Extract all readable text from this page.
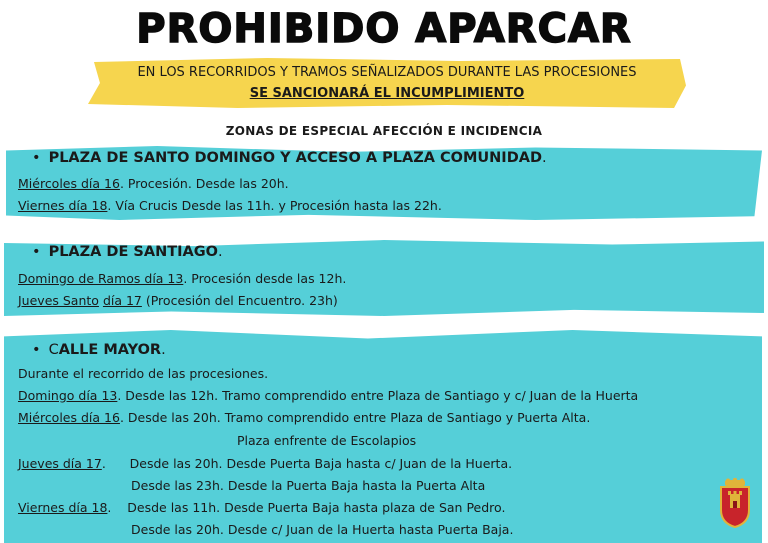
PROHIBIDO APARCAR
EN LOS RECORRIDOS Y TRAMOS SEÑALIZADOS DURANTE LAS PROCESIONES
SE SANCIONARÁ EL INCUMPLIMIENTO
ZONAS DE ESPECIAL AFECCIÓN E INCIDENCIA
• PLAZA DE SANTO DOMINGO Y ACCESO A PLAZA COMUNIDAD.
Miércoles día 16. Procesión. Desde las 20h.
Viernes día 18. Vía Crucis Desde las 11h. y Procesión hasta las 22h.
• PLAZA DE SANTIAGO.
Domingo de Ramos día 13. Procesión desde las 12h.
Jueves Santo día 17 (Procesión del Encuentro. 23h)
• CALLE MAYOR.
Durante el recorrido de las procesiones.
Domingo día 13. Desde las 12h. Tramo comprendido entre Plaza de Santiago y c/ Juan de la Huerta
Miércoles día 16. Desde las 20h. Tramo comprendido entre Plaza de Santiago y Puerta Alta.
Plaza enfrente de Escolapios
Jueves día 17.      Desde las 20h. Desde Puerta Baja hasta c/ Juan de la Huerta.
Desde las 23h. Desde la Puerta Baja hasta la Puerta Alta
Viernes día 18.    Desde las 11h. Desde Puerta Baja hasta plaza de San Pedro.
Desde las 20h. Desde c/ Juan de la Huerta hasta Puerta Baja.
